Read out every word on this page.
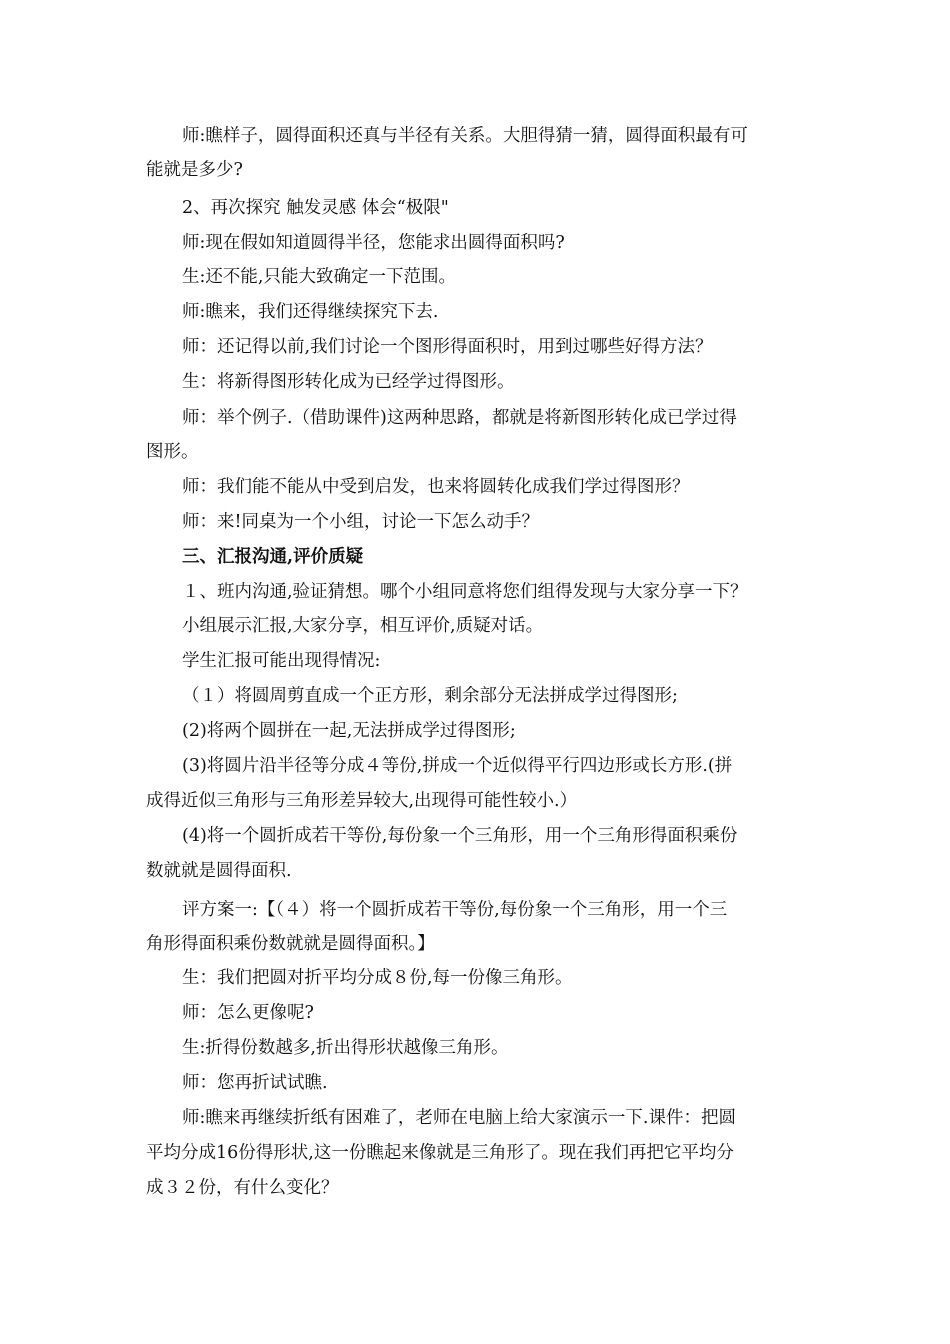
师:瞧样子，圆得面积还真与半径有关系。大胆得猜一猜，圆得面积最有可
能就是多少?
2、再次探究 触发灵感 体会“极限"
师:现在假如知道圆得半径，您能求出圆得面积吗?
生:还不能,只能大致确定一下范围。
师:瞧来，我们还得继续探究下去.
师：还记得以前,我们讨论一个图形得面积时，用到过哪些好得方法？
生：将新得图形转化成为已经学过得图形。
师：举个例子.（借助课件)这两种思路，都就是将新图形转化成已学过得
图形。
师：我们能不能从中受到启发，也来将圆转化成我们学过得图形？
师：来!同桌为一个小组，讨论一下怎么动手？
三、汇报沟通,评价质疑
１、班内沟通,验证猜想。哪个小组同意将您们组得发现与大家分享一下？
小组展示汇报,大家分享，相互评价,质疑对话。
学生汇报可能出现得情况:
（１）将圆周剪直成一个正方形，剩余部分无法拼成学过得图形;
(2)将两个圆拼在一起,无法拼成学过得图形;
(3)将圆片沿半径等分成４等份,拼成一个近似得平行四边形或长方形.(拼
成得近似三角形与三角形差异较大,出现得可能性较小.）
(4)将一个圆折成若干等份,每份象一个三角形，用一个三角形得面积乘份
数就就是圆得面积.
评方案一:【（４）将一个圆折成若干等份,每份象一个三角形，用一个三
角形得面积乘份数就就是圆得面积。】
生：我们把圆对折平均分成８份,每一份像三角形。
师：怎么更像呢?
生:折得份数越多,折出得形状越像三角形。
师：您再折试试瞧.
师:瞧来再继续折纸有困难了，老师在电脑上给大家演示一下.课件：把圆
平均分成16份得形状,这一份瞧起来像就是三角形了。现在我们再把它平均分
成３２份，有什么变化？
